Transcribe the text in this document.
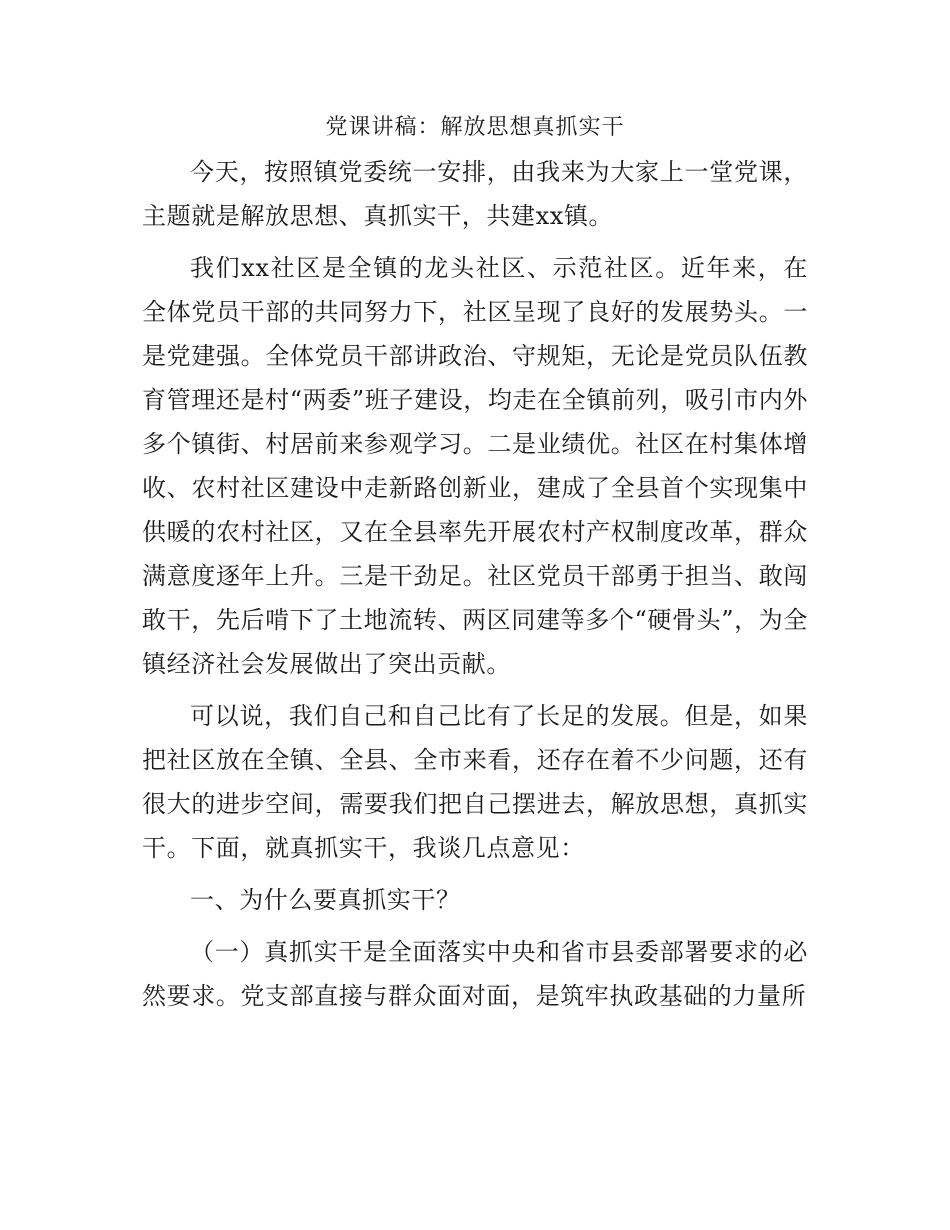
党课讲稿：解放思想真抓实干

今天，按照镇党委统一安排，由我来为大家上一堂党课，主题就是解放思想、真抓实干，共建xx镇。

我们xx社区是全镇的龙头社区、示范社区。近年来，在全体党员干部的共同努力下，社区呈现了良好的发展势头。一是党建强。全体党员干部讲政治、守规矩，无论是党员队伍教育管理还是村“两委”班子建设，均走在全镇前列，吸引市内外多个镇街、村居前来参观学习。二是业绩优。社区在村集体增收、农村社区建设中走新路创新业，建成了全县首个实现集中供暖的农村社区，又在全县率先开展农村产权制度改革，群众满意度逐年上升。三是干劲足。社区党员干部勇于担当、敢闯敢干，先后啃下了土地流转、两区同建等多个“硬骨头”，为全镇经济社会发展做出了突出贡献。

可以说，我们自己和自己比有了长足的发展。但是，如果把社区放在全镇、全县、全市来看，还存在着不少问题，还有很大的进步空间，需要我们把自己摆进去，解放思想，真抓实干。下面，就真抓实干，我谈几点意见：

一、为什么要真抓实干？

（一）真抓实干是全面落实中央和省市县委部署要求的必然要求。党支部直接与群众面对面，是筑牢执政基础的力量所
